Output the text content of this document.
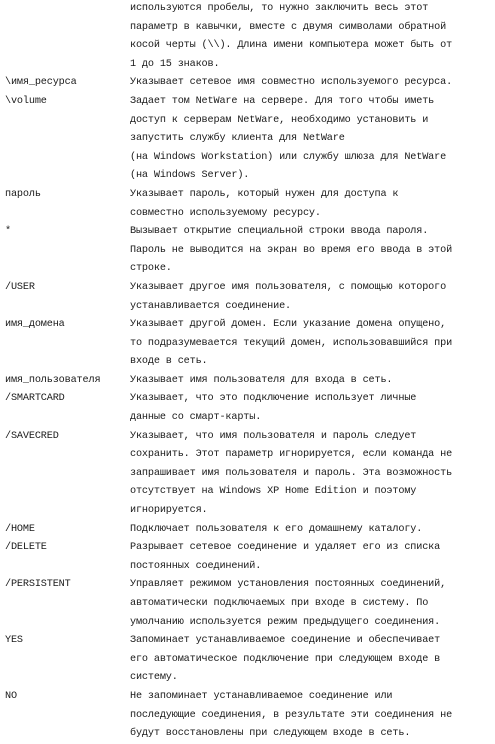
используются пробелы, то нужно заключить весь этот
параметр в кавычки, вместе с двумя символами обратной
косой черты (\\). Длина имени компьютера может быть от
1 до 15 знаков.
\имя_ресурса	Указывает сетевое имя совместно используемого ресурса.
\volume	Задает том NetWare на сервере. Для того чтобы иметь
доступ к серверам NetWare, необходимо установить и
запустить службу клиента для NetWare
(на Windows Workstation) или службу шлюза для NetWare
(на Windows Server).
пароль	Указывает пароль, который нужен для доступа к
совместно используемому ресурсу.
*	Вызывает открытие специальной строки ввода пароля.
Пароль не выводится на экран во время его ввода в этой
строке.
/USER	Указывает другое имя пользователя, с помощью которого
устанавливается соединение.
имя_домена	Указывает другой домен. Если указание домена опущено,
то подразумевается текущий домен, использовавшийся при
входе в сеть.
имя_пользователя	Указывает имя пользователя для входа в сеть.
/SMARTCARD	Указывает, что это подключение использует личные
данные со смарт-карты.
/SAVECRED	Указывает, что имя пользователя и пароль следует
сохранить. Этот параметр игнорируется, если команда не
запрашивает имя пользователя и пароль. Эта возможность
отсутствует на Windows XP Home Edition и поэтому
игнорируется.
/HOME	Подключает пользователя к его домашнему каталогу.
/DELETE	Разрывает сетевое соединение и удаляет его из списка
постоянных соединений.
/PERSISTENT	Управляет режимом установления постоянных соединений,
автоматически подключаемых при входе в систему. По
умолчанию используется режим предыдущего соединения.
YES	Запоминает устанавливаемое соединение и обеспечивает
его автоматическое подключение при следующем входе в
систему.
NO	Не запоминает устанавливаемое соединение или
последующие соединения, в результате эти соединения не
будут восстановлены при следующем входе в сеть.
